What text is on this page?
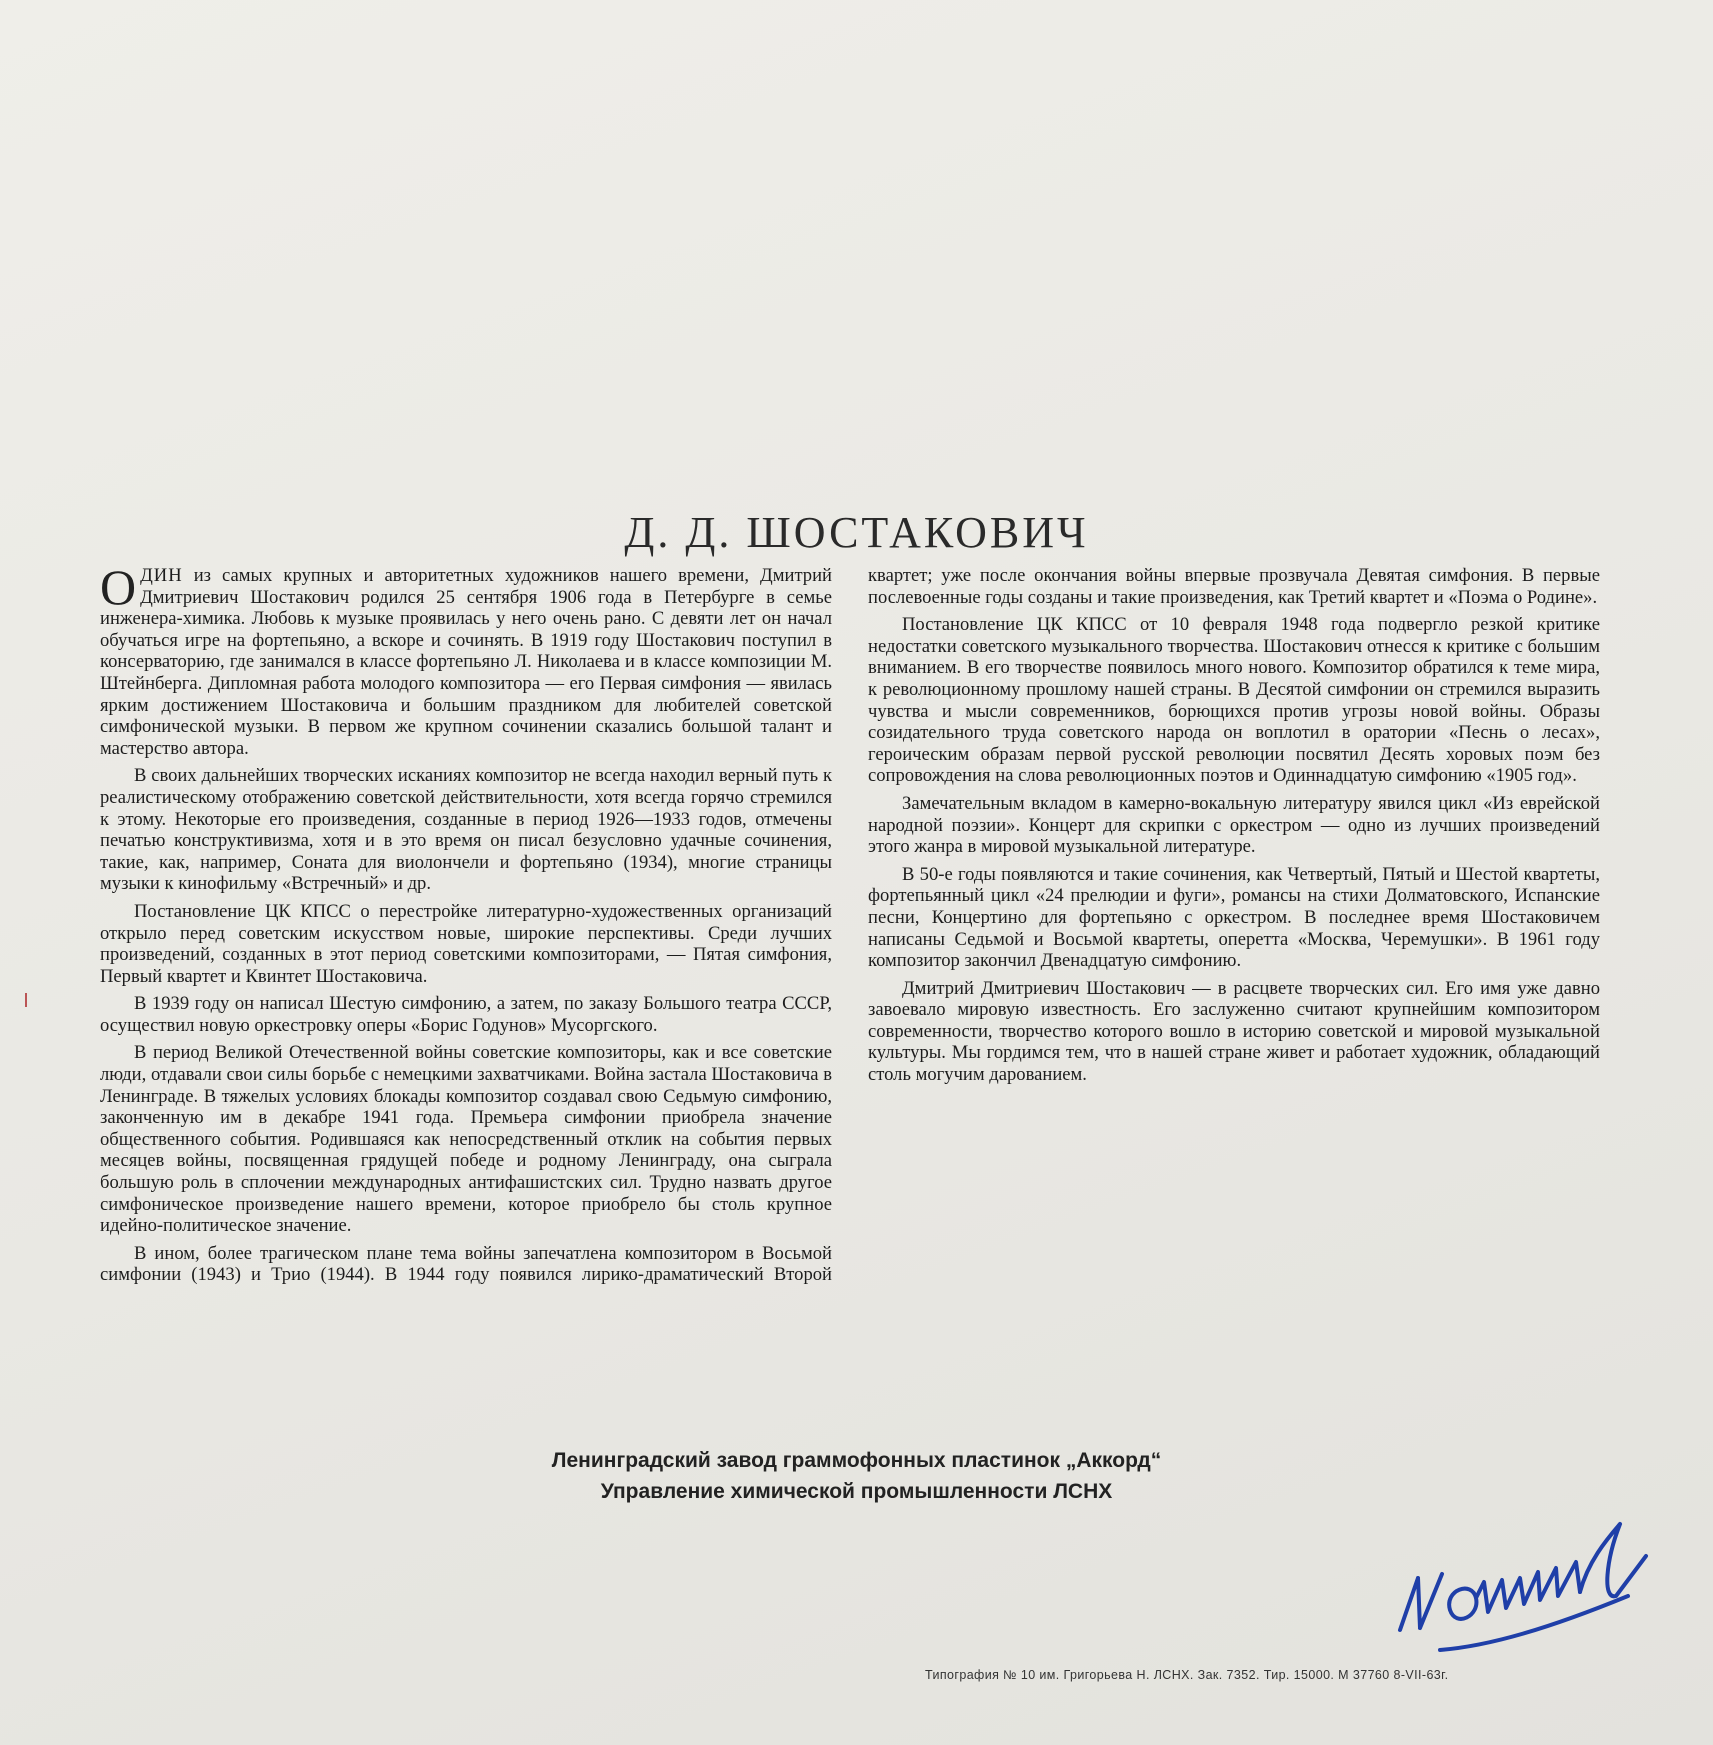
Д. Д. ШОСТАКОВИЧ

ОДИН из самых крупных и авторитетных художников нашего времени, Дмитрий Дмитриевич Шостакович родился 25 сентября 1906 года в Петербурге в семье инженера-химика. Любовь к музыке проявилась у него очень рано. С девяти лет он начал обучаться игре на фортепьяно, а вскоре и сочинять. В 1919 году Шостакович поступил в консерваторию, где занимался в классе фортепьяно Л. Николаева и в классе композиции М. Штейнберга. Дипломная работа молодого композитора — его Первая симфония — явилась ярким достижением Шостаковича и большим праздником для любителей советской симфонической музыки. В первом же крупном сочинении сказались большой талант и мастерство автора.

В своих дальнейших творческих исканиях композитор не всегда находил верный путь к реалистическому отображению советской действительности, хотя всегда горячо стремился к этому. Некоторые его произведения, созданные в период 1926—1933 годов, отмечены печатью конструктивизма, хотя и в это время он писал безусловно удачные сочинения, такие, как, например, Соната для виолончели и фортепьяно (1934), многие страницы музыки к кинофильму «Встречный» и др.

Постановление ЦК КПСС о перестройке литературно-художественных организаций открыло перед советским искусством новые, широкие перспективы. Среди лучших произведений, созданных в этот период советскими композиторами, — Пятая симфония, Первый квартет и Квинтет Шостаковича.

В 1939 году он написал Шестую симфонию, а затем, по заказу Большого театра СССР, осуществил новую оркестровку оперы «Борис Годунов» Мусоргского.

В период Великой Отечественной войны советские композиторы, как и все советские люди, отдавали свои силы борьбе с немецкими захватчиками. Война застала Шостаковича в Ленинграде. В тяжелых условиях блокады композитор создавал свою Седьмую симфонию, законченную им в декабре 1941 года. Премьера симфонии приобрела значение общественного события. Родившаяся как непосредственный отклик на события первых месяцев войны, посвященная грядущей победе и родному Ленинграду, она сыграла большую роль в сплочении международных антифашистских сил. Трудно назвать другое симфоническое произведение нашего времени, которое приобрело бы столь крупное идейно-политическое значение.

В ином, более трагическом плане тема войны запечатлена композитором в Восьмой симфонии (1943) и Трио (1944). В 1944 году появился лирико-драматический Второй квартет; уже после окончания войны впервые прозвучала Девятая симфония. В первые послевоенные годы созданы и такие произведения, как Третий квартет и «Поэма о Родине».

Постановление ЦК КПСС от 10 февраля 1948 года подвергло резкой критике недостатки советского музыкального творчества. Шостакович отнесся к критике с большим вниманием. В его творчестве появилось много нового. Композитор обратился к теме мира, к революционному прошлому нашей страны. В Десятой симфонии он стремился выразить чувства и мысли современников, борющихся против угрозы новой войны. Образы созидательного труда советского народа он воплотил в оратории «Песнь о лесах», героическим образам первой русской революции посвятил Десять хоровых поэм без сопровождения на слова революционных поэтов и Одиннадцатую симфонию «1905 год».

Замечательным вкладом в камерно-вокальную литературу явился цикл «Из еврейской народной поэзии». Концерт для скрипки с оркестром — одно из лучших произведений этого жанра в мировой музыкальной литературе.

В 50-е годы появляются и такие сочинения, как Четвертый, Пятый и Шестой квартеты, фортепьянный цикл «24 прелюдии и фуги», романсы на стихи Долматовского, Испанские песни, Концертино для фортепьяно с оркестром. В последнее время Шостаковичем написаны Седьмой и Восьмой квартеты, оперетта «Москва, Черемушки». В 1961 году композитор закончил Двенадцатую симфонию.

Дмитрий Дмитриевич Шостакович — в расцвете творческих сил. Его имя уже давно завоевало мировую известность. Его заслуженно считают крупнейшим композитором современности, творчество которого вошло в историю советской и мировой музыкальной культуры. Мы гордимся тем, что в нашей стране живет и работает художник, обладающий столь могучим дарованием.

Ленинградский завод граммофонных пластинок „Аккорд“
Управление химической промышленности ЛСНХ
Типография № 10 им. Григорьева Н. ЛСНХ. Зак. 7352. Тир. 15000. М 37760 8-VII-63г.
